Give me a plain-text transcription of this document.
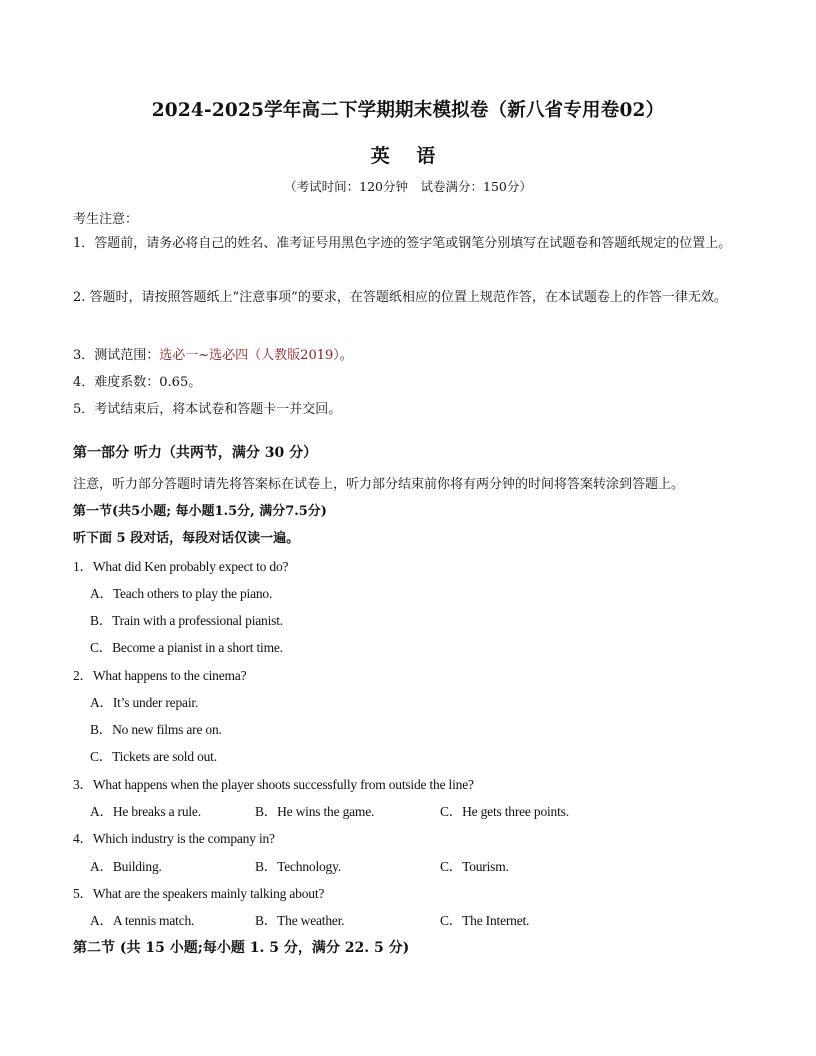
2024-2025学年高二下学期期末模拟卷（新八省专用卷02）
英 语
（考试时间：120分钟　试卷满分：150分）
考生注意：
1．答题前，请务必将自己的姓名、准考证号用黑色字迹的签字笔或钢笔分别填写在试题卷和答题纸规定的位置上。
2. 答题时，请按照答题纸上“注意事项”的要求，在答题纸相应的位置上规范作答，在本试题卷上的作答一律无效。
3．测试范围：选必一~选必四（人教版2019）。
4．难度系数：0.65。
5．考试结束后，将本试卷和答题卡一并交回。
第一部分 听力（共两节，满分 30 分）
注意，听力部分答题时请先将答案标在试卷上，听力部分结束前你将有两分钟的时间将答案转涂到答题上。
第一节(共5小题; 每小题1.5分, 满分7.5分)
听下面 5 段对话，每段对话仅读一遍。
1．What did Ken probably expect to do?
A．Teach others to play the piano.
B．Train with a professional pianist.
C．Become a pianist in a short time.
2．What happens to the cinema?
A．It’s under repair.
B．No new films are on.
C．Tickets are sold out.
3．What happens when the player shoots successfully from outside the line?
A．He breaks a rule.	B．He wins the game.	C．He gets three points.
4．Which industry is the company in?
A．Building.	B．Technology.	C．Tourism.
5．What are the speakers mainly talking about?
A．A tennis match.	B．The weather.	C．The Internet.
第二节 (共 15 小题;每小题 1. 5 分，满分 22. 5 分)
